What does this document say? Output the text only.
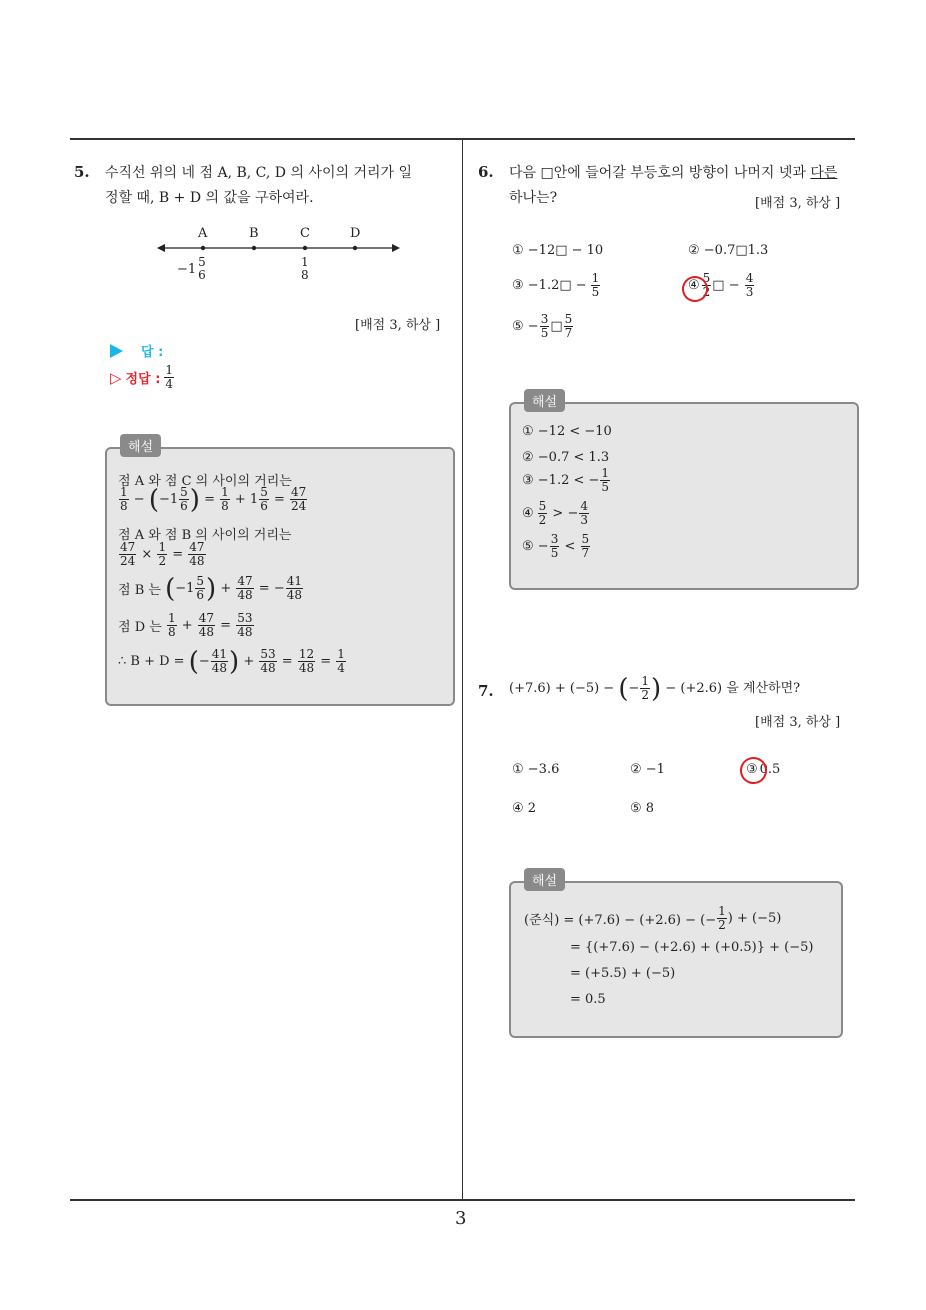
3
5. 수직선 위의 네 점 A, B, C, D 의 사이의 거리가 일
정할 때, B + D 의 값을 구하여라.
A	B	C	D
−1 5
6
1
8
[배점 3, 하상 ]
답 :
▷ 정답 : $\frac{1}{4}$
해설
점 A 와 점 C 의 사이의 거리는
$\frac{1}{8}$ − ( $-1 \frac{5}{6}$ ) = $\frac{1}{8} + 1 \frac{5}{6} = \frac{47}{24}$
점 A 와 점 B 의 사이의 거리는
$\frac{47}{24} \times \frac{1}{2} = \frac{47}{48}$
점 B 는
( $-1 \frac{5}{6}$ ) + $\frac{47}{48}$ = − $\frac{41}{48}$
점 D 는
$\frac{1}{8} + \frac{47}{48} = \frac{53}{48}$
∴ B + D =
( − $\frac{41}{48}$ ) + $\frac{53}{48} = \frac{12}{48} = \frac{1}{4}$
6. 다음 □안에 들어갈 부등호의 방향이 나머지 넷과 다른
하나는?	[배점 3, 하상 ]
① −12□ − 10	② −0.7□1.3
③ −1.2□ − $\frac{1}{5}$	④ $\frac{5}{2}$ □ − $\frac{4}{3}$
⑤ − $\frac{3}{5}$ □ $\frac{5}{7}$
해설
① −12 < −10
② −0.7 < 1.3
③ −1.2 < − $\frac{1}{5}$
④ $\frac{5}{2}$ > − $\frac{4}{3}$
⑤ − $\frac{3}{5} < \frac{5}{7}$
7. (+7.6) + (−5) −
( − $\frac{1}{2}$ )
− (+2.6) 을 계산하면?
[배점 3, 하상 ]
① −3.6	② −1	③ 0.5
④ 2	⑤ 8
해설
(준식) = (+7.6) − (+2.6) − (− $\frac{1}{2}$ ) + (−5)
= {(+7.6) − (+2.6) + (+0.5)} + (−5)
= (+5.5) + (−5)
= 0.5
